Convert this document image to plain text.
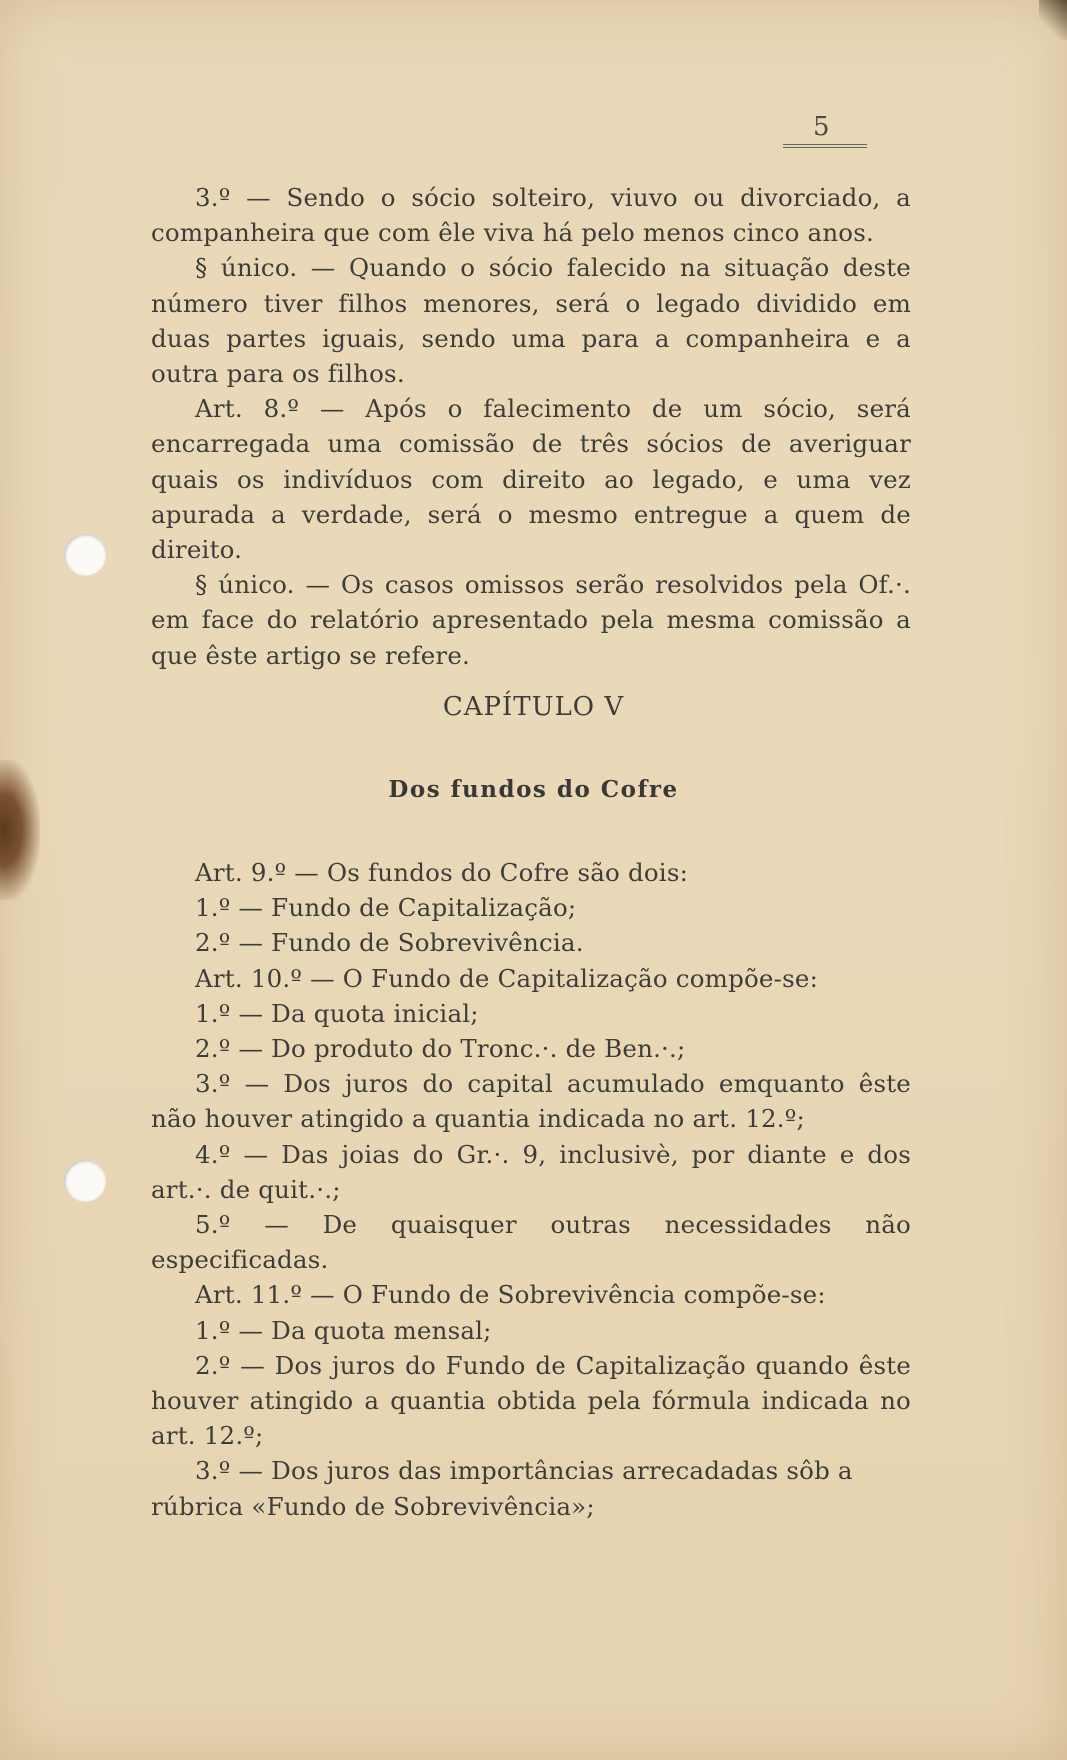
5

3.º — Sendo o sócio solteiro, viuvo ou divorciado, a companheira que com êle viva há pelo menos cinco anos.

§ único. — Quando o sócio falecido na situação deste número tiver filhos menores, será o legado dividido em duas partes iguais, sendo uma para a companheira e a outra para os filhos.

Art. 8.º — Após o falecimento de um sócio, será encarregada uma comissão de três sócios de averiguar quais os indivíduos com direito ao legado, e uma vez apurada a verdade, será o mesmo entregue a quem de direito.

§ único. — Os casos omissos serão resolvidos pela Of.·. em face do relatório apresentado pela mesma comissão a que êste artigo se refere.

CAPÍTULO V
Dos fundos do Cofre

Art. 9.º — Os fundos do Cofre são dois:

1.º — Fundo de Capitalização;

2.º — Fundo de Sobrevivência.

Art. 10.º — O Fundo de Capitalização compõe-se:

1.º — Da quota inicial;

2.º — Do produto do Tronc.·. de Ben.·.;

3.º — Dos juros do capital acumulado emquanto êste não houver atingido a quantia indicada no art. 12.º;

4.º — Das joias do Gr.·. 9, inclusivè, por diante e dos art.·. de quit.·.;

5.º — De quaisquer outras necessidades não especificadas.

Art. 11.º — O Fundo de Sobrevivência compõe-se:

1.º — Da quota mensal;

2.º — Dos juros do Fundo de Capitalização quando êste houver atingido a quantia obtida pela fórmula indicada no art. 12.º;

3.º — Dos juros das importâncias arrecadadas sôb a rúbrica «Fundo de Sobrevivência»;
